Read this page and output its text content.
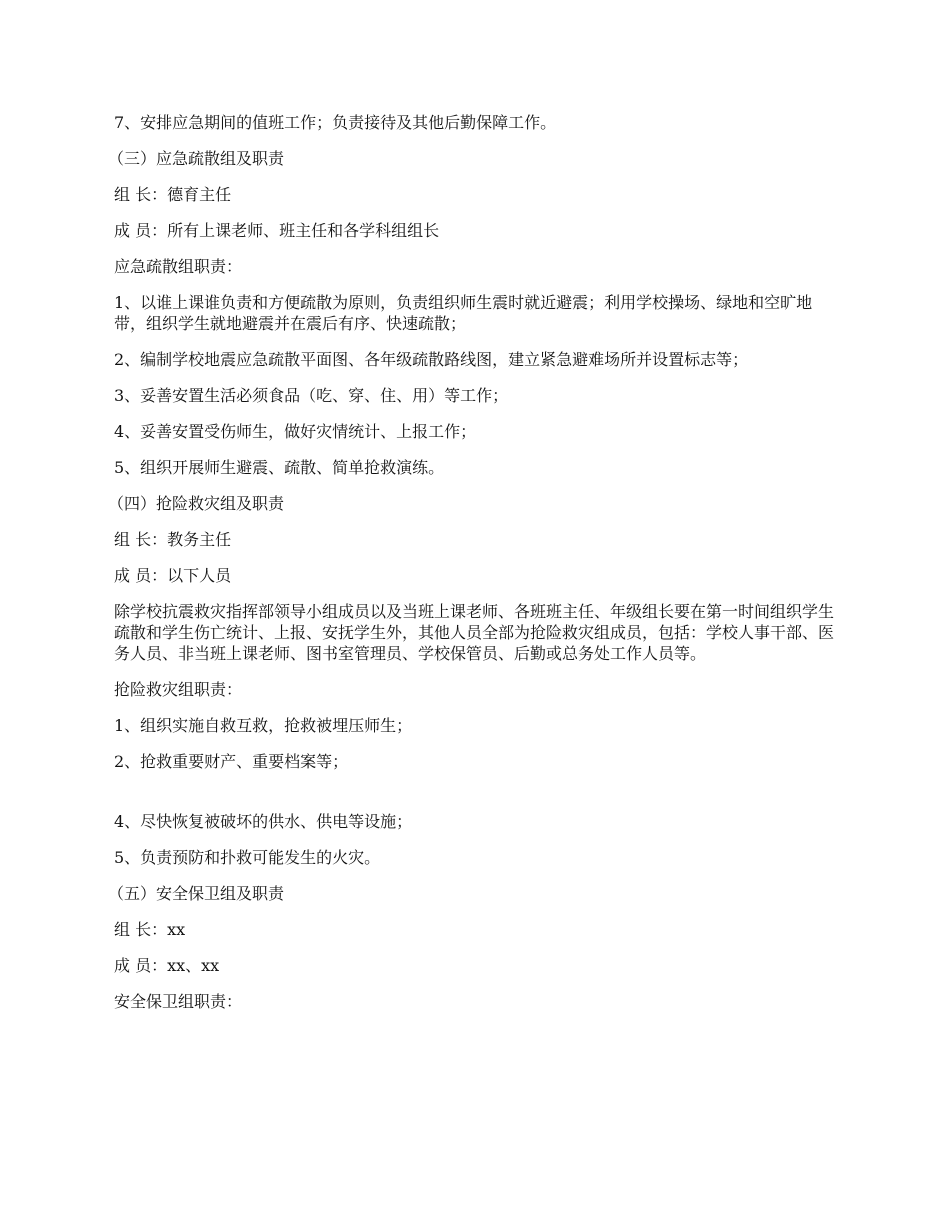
7、安排应急期间的值班工作；负责接待及其他后勤保障工作。

（三）应急疏散组及职责

组 长：德育主任

成 员：所有上课老师、班主任和各学科组组长

应急疏散组职责：

1、以谁上课谁负责和方便疏散为原则，负责组织师生震时就近避震；利用学校操场、绿地和空旷地带，组织学生就地避震并在震后有序、快速疏散；

2、编制学校地震应急疏散平面图、各年级疏散路线图，建立紧急避难场所并设置标志等；

3、妥善安置生活必须食品（吃、穿、住、用）等工作；

4、妥善安置受伤师生，做好灾情统计、上报工作；

5、组织开展师生避震、疏散、简单抢救演练。

（四）抢险救灾组及职责

组 长：教务主任

成 员：以下人员

除学校抗震救灾指挥部领导小组成员以及当班上课老师、各班班主任、年级组长要在第一时间组织学生疏散和学生伤亡统计、上报、安抚学生外，其他人员全部为抢险救灾组成员，包括：学校人事干部、医务人员、非当班上课老师、图书室管理员、学校保管员、后勤或总务处工作人员等。

抢险救灾组职责：

1、组织实施自救互救，抢救被埋压师生；

2、抢救重要财产、重要档案等；

4、尽快恢复被破坏的供水、供电等设施；

5、负责预防和扑救可能发生的火灾。

（五）安全保卫组及职责

组 长：xx

成 员：xx、xx

安全保卫组职责：
